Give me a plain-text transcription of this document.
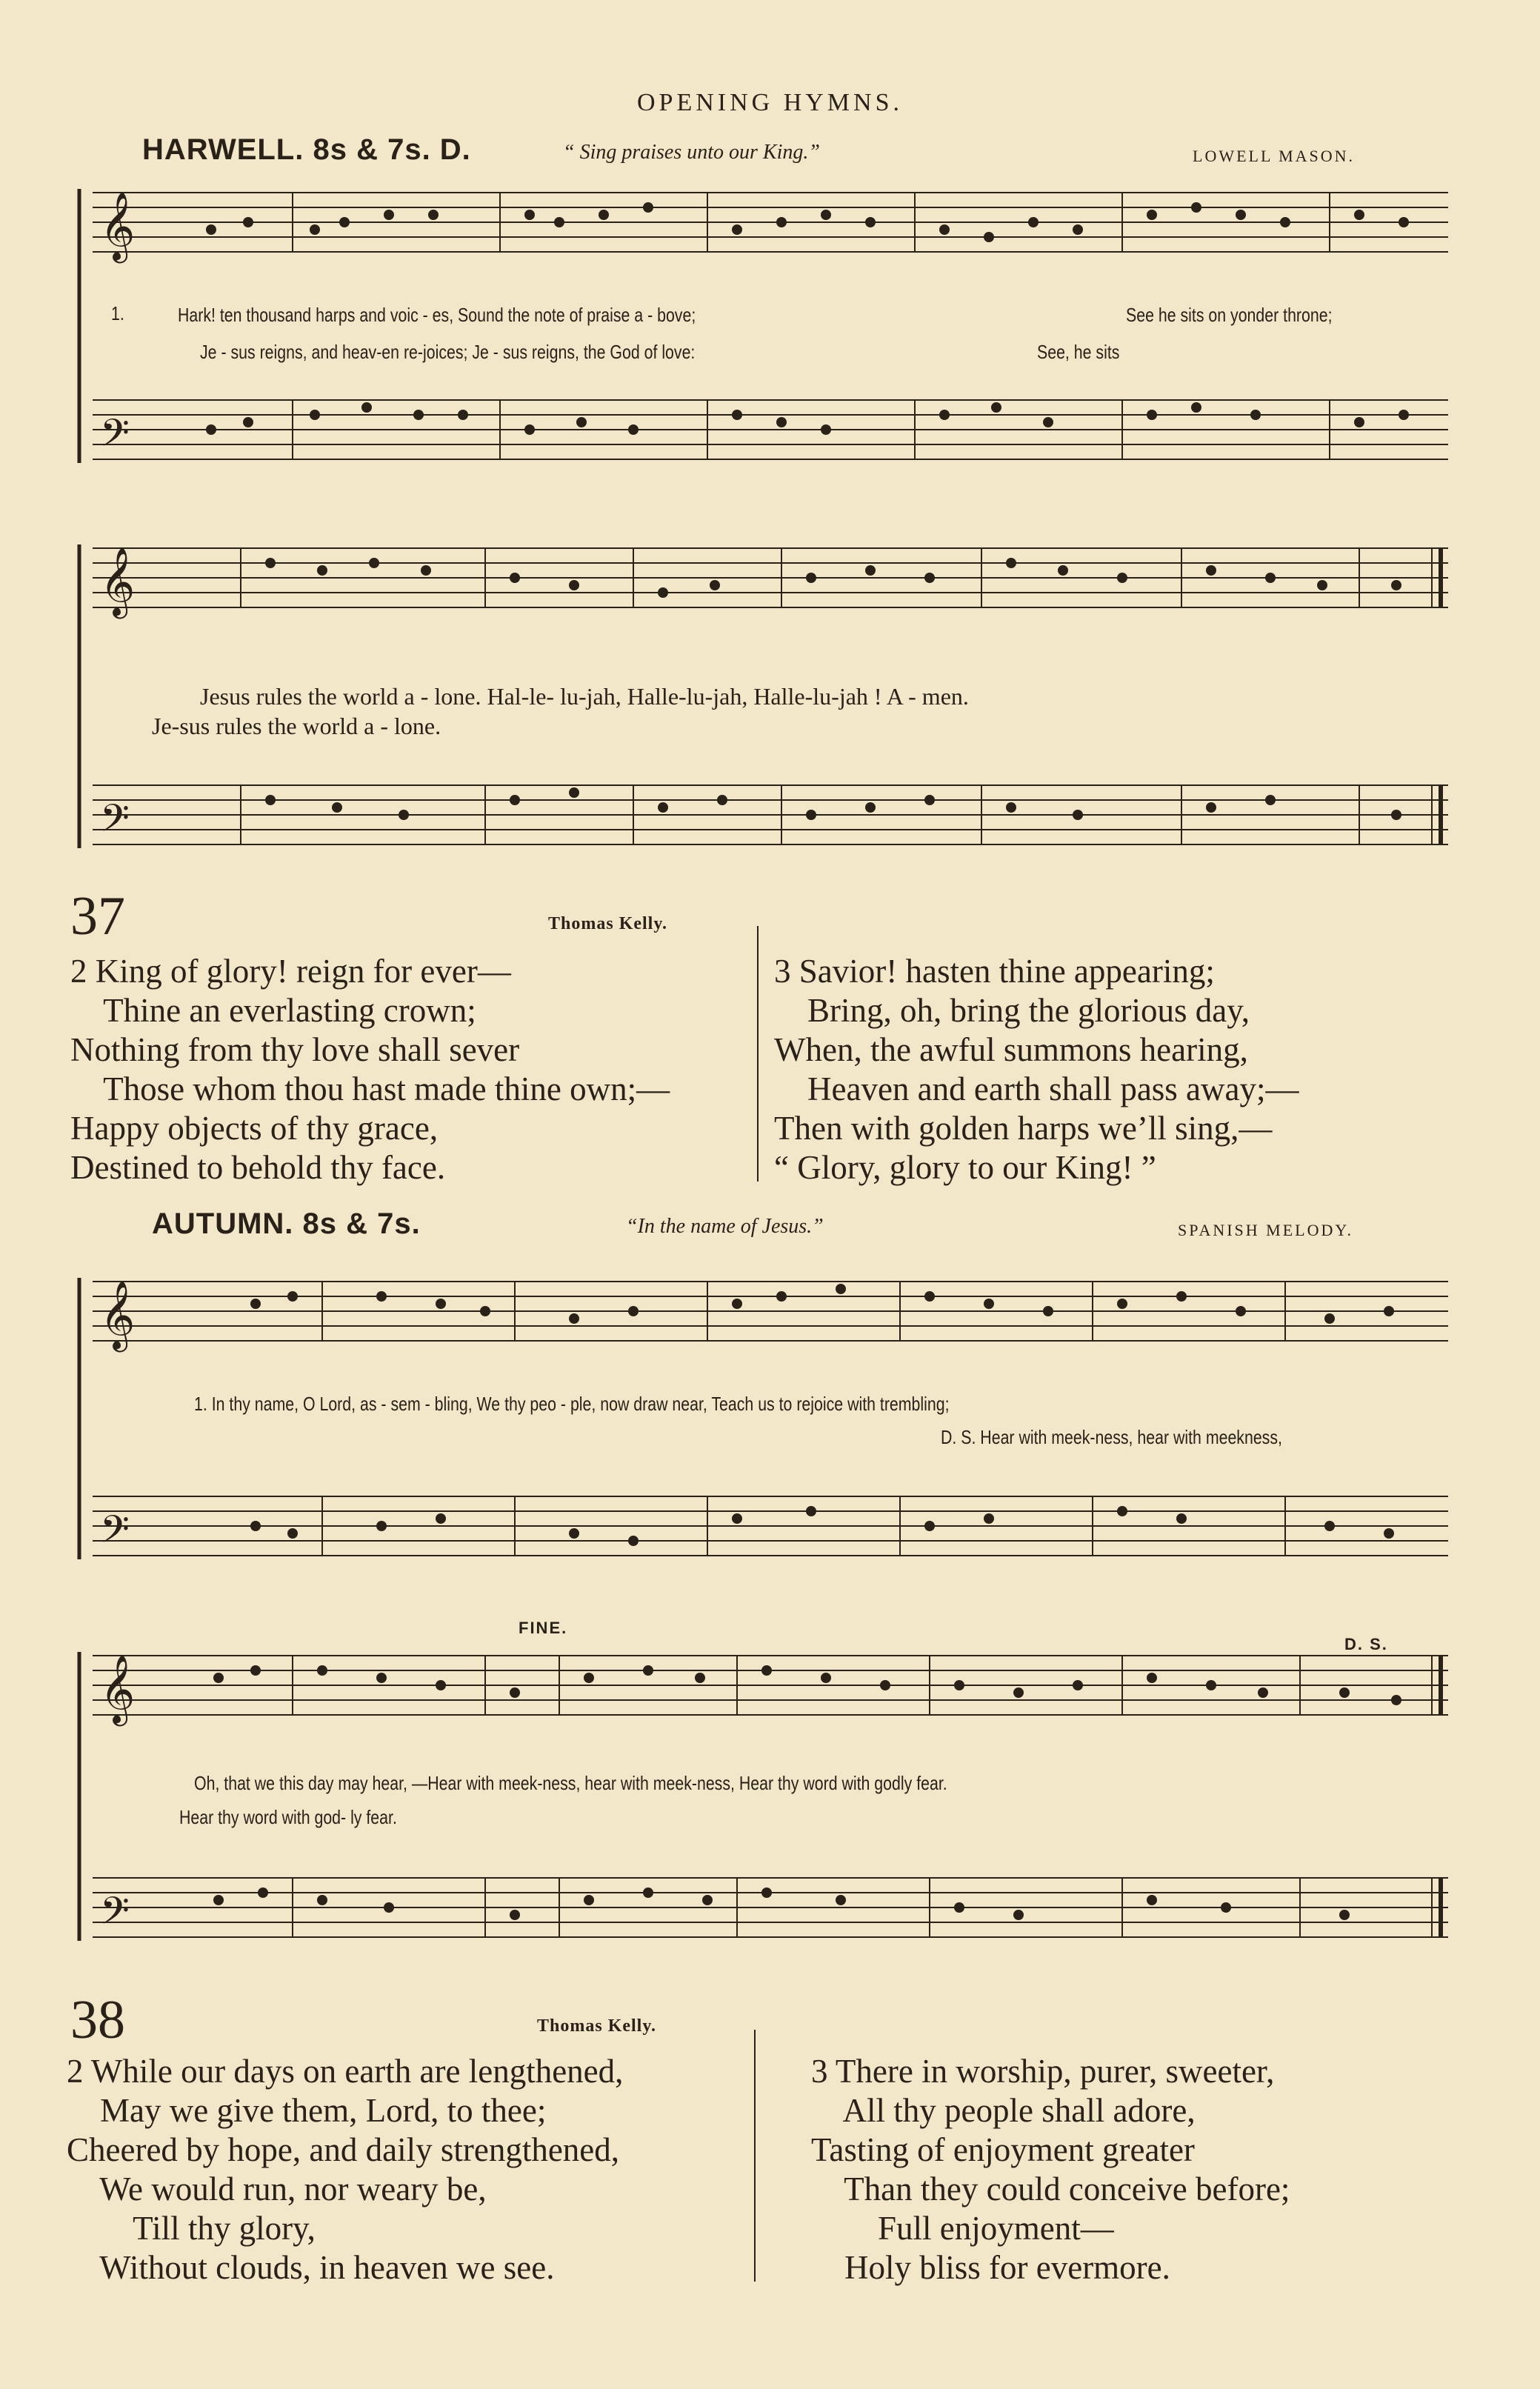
OPENING HYMNS.
HARWELL. 8s & 7s. D.	“ Sing praises unto our King.”	LOWELL MASON.
𝄞
𝄢
1.	Hark! ten thousand harps and voic - es, Sound the note of praise a - bove;	See he sits on yonder throne;
Je - sus reigns, and heav-en re-joices; Je - sus reigns, the God of love:	See, he sits
𝄞
𝄢
Jesus rules the world a - lone. Hal-le- lu-jah, Halle-lu-jah, Halle-lu-jah ! A - men.
Je-sus rules the world a - lone.
37	Thomas Kelly.
2 King of glory! reign for ever—
Thine an everlasting crown;
Nothing from thy love shall sever
Those whom thou hast made thine own;—
Happy objects of thy grace,
Destined to behold thy face.
3 Savior! hasten thine appearing;
Bring, oh, bring the glorious day,
When, the awful summons hearing,
Heaven and earth shall pass away;—
Then with golden harps we’ll sing,—
“ Glory, glory to our King! ”
AUTUMN. 8s & 7s.	“In the name of Jesus.”	SPANISH MELODY.
𝄞
𝄢
1. In thy name, O Lord, as - sem - bling, We thy peo - ple, now draw near, Teach us to rejoice with trembling;
D. S. Hear with meek-ness, hear with meekness,
FINE.
D. S.
𝄞
𝄢
Oh, that we this day may hear, —Hear with meek-ness, hear with meek-ness, Hear thy word with godly fear.
Hear thy word with god- ly fear.
38	Thomas Kelly.
2 While our days on earth are lengthened,
May we give them, Lord, to thee;
Cheered by hope, and daily strengthened,
We would run, nor weary be,
Till thy glory,
Without clouds, in heaven we see.
3 There in worship, purer, sweeter,
All thy people shall adore,
Tasting of enjoyment greater
Than they could conceive before;
Full enjoyment—
Holy bliss for evermore.
